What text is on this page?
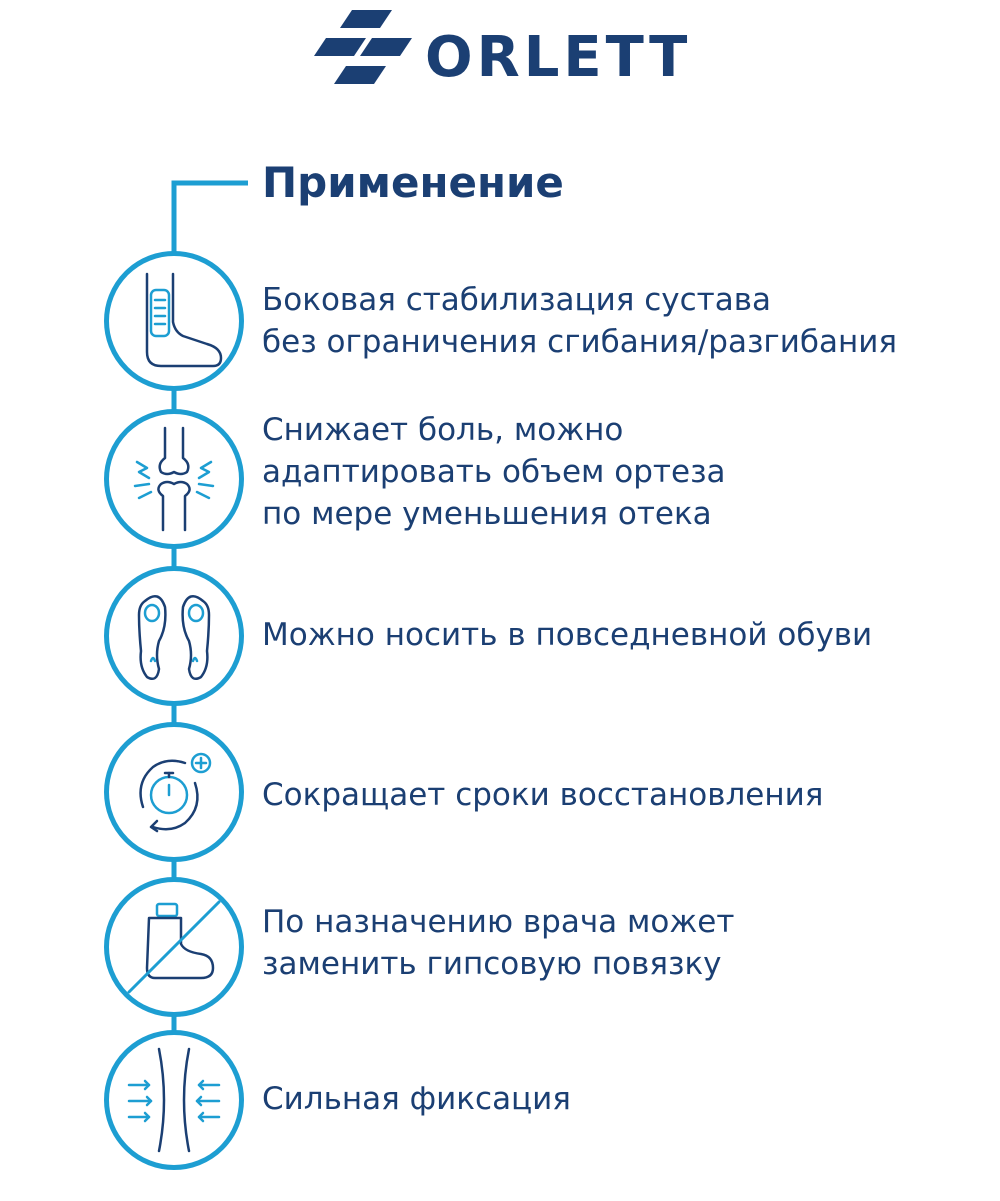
ORLETT
Применение
Боковая стабилизация сустава
без ограничения сгибания/разгибания
Снижает боль, можно
адаптировать объем ортеза
по мере уменьшения отека
Можно носить в повседневной обуви
Сокращает сроки восстановления
По назначению врача может
заменить гипсовую повязку
Сильная фиксация
